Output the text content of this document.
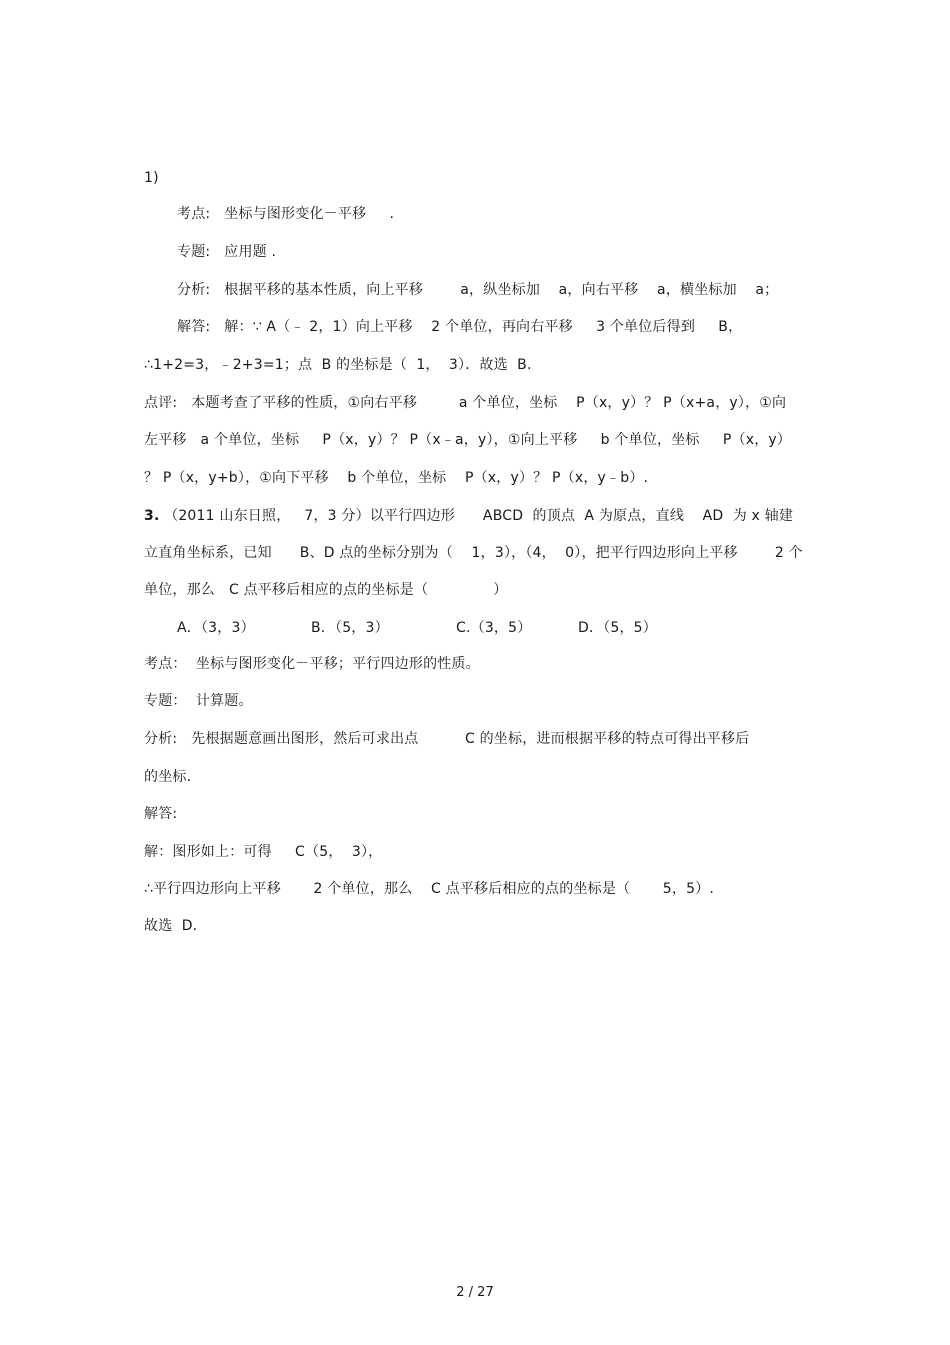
1)
考点:   坐标与图形变化－平移     .
专题:   应用题 .
分析:   根据平移的基本性质，向上平移        a，纵坐标加    a，向右平移    a，横坐标加    a；
解答:   解：∵ A（﹣ 2，1）向上平移    2 个单位，再向右平移     3 个单位后得到     B，
∴1+2=3，﹣2+3=1；点  B 的坐标是（  1，  3）．故选  B.
点评:   本题考查了平移的性质，①向右平移         a 个单位，坐标    P（x，y）？ P（x+a，y），①向
左平移   a 个单位，坐标     P（x，y）？ P（x﹣a，y），①向上平移     b 个单位，坐标     P（x，y）
？ P（x，y+b），①向下平移    b 个单位，坐标    P（x，y）？ P（x，y﹣b）.
3. （2011 山东日照，   7，3 分）以平行四边形      ABCD  的顶点  A 为原点，直线    AD  为 x 轴建
立直角坐标系，已知      B、D 点的坐标分别为（    1，3），（4，  0），把平行四边形向上平移        2 个
单位，那么   C 点平移后相应的点的坐标是（              ）
A．（3，3）	B．（5，3）	C.（3，5）	D．（5，5）
考点：  坐标与图形变化－平移；平行四边形的性质。
专题：  计算题。
分析:   先根据题意画出图形，然后可求出点          C 的坐标，进而根据平移的特点可得出平移后
的坐标.
解答:
解：图形如上：可得     C（5，  3），
∴平行四边形向上平移       2 个单位，那么    C 点平移后相应的点的坐标是（       5，5）.
故选  D．
2 / 27
